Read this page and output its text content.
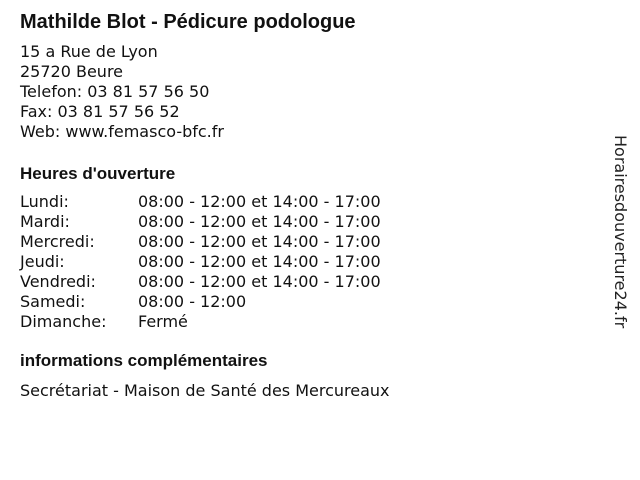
Mathilde Blot - Pédicure podologue
15 a Rue de Lyon
25720 Beure
Telefon: 03 81 57 56 50
Fax: 03 81 57 56 52
Web: www.femasco-bfc.fr
Heures d'ouverture
Lundi:	08:00 - 12:00 et 14:00 - 17:00
Mardi:	08:00 - 12:00 et 14:00 - 17:00
Mercredi:	08:00 - 12:00 et 14:00 - 17:00
Jeudi:	08:00 - 12:00 et 14:00 - 17:00
Vendredi:	08:00 - 12:00 et 14:00 - 17:00
Samedi:	08:00 - 12:00
Dimanche:	Fermé
informations complémentaires
Secrétariat - Maison de Santé des Mercureaux
Horairesdouverture24.fr
